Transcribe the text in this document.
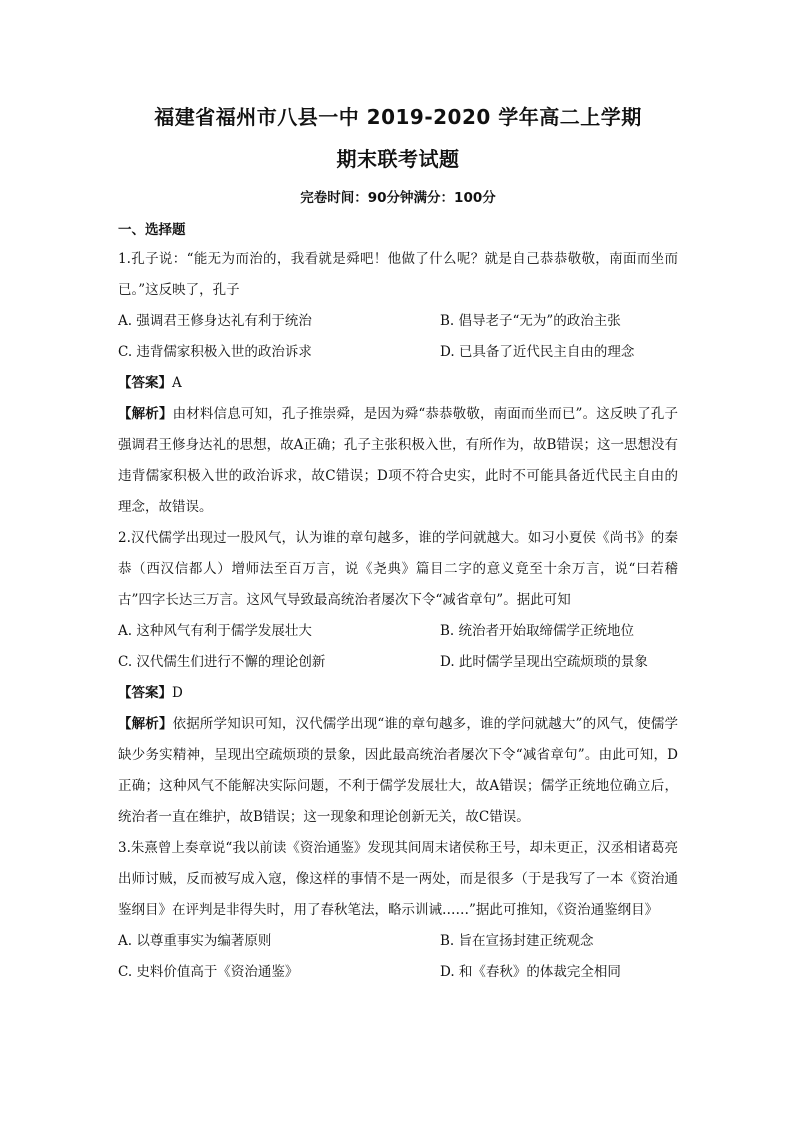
福建省福州市八县一中 2019-2020 学年高二上学期
期末联考试题
完卷时间：90分钟满分：100分
一、选择题

1.孔子说：“能无为而治的，我看就是舜吧！他做了什么呢？就是自己恭恭敬敬，南面而坐而已。”这反映了，孔子

A. 强调君王修身达礼有利于统治	B. 倡导老子“无为”的政治主张
C. 违背儒家积极入世的政治诉求	D. 已具备了近代民主自由的理念
【答案】A

【解析】由材料信息可知，孔子推崇舜，是因为舜“恭恭敬敬，南面而坐而已”。这反映了孔子强调君王修身达礼的思想，故A正确；孔子主张积极入世，有所作为，故B错误；这一思想没有违背儒家积极入世的政治诉求，故C错误；D项不符合史实，此时不可能具备近代民主自由的理念，故错误。

2.汉代儒学出现过一股风气，认为谁的章句越多，谁的学问就越大。如习小夏侯《尚书》的秦恭（西汉信都人）增师法至百万言，说《尧典》篇目二字的意义竟至十余万言，说“曰若稽古”四字长达三万言。这风气导致最高统治者屡次下令“减省章句”。据此可知

A. 这种风气有利于儒学发展壮大	B. 统治者开始取缔儒学正统地位
C. 汉代儒生们进行不懈的理论创新	D. 此时儒学呈现出空疏烦琐的景象
【答案】D

【解析】依据所学知识可知，汉代儒学出现“谁的章句越多，谁的学问就越大”的风气，使儒学缺少务实精神，呈现出空疏烦琐的景象，因此最高统治者屡次下令“减省章句”。由此可知，D正确；这种风气不能解决实际问题，不利于儒学发展壮大，故A错误；儒学正统地位确立后，统治者一直在维护，故B错误；这一现象和理论创新无关，故C错误。

3.朱熹曾上奏章说“我以前读《资治通鉴》发现其间周末诸侯称王号，却未更正，汉丞相诸葛亮出师讨贼，反而被写成入寇，像这样的事情不是一两处，而是很多（于是我写了一本《资治通鉴纲目》在评判是非得失时，用了春秋笔法，略示训诫……”据此可推知，《资治通鉴纲目》

A. 以尊重事实为编著原则	B. 旨在宣扬封建正统观念
C. 史料价值高于《资治通鉴》	D. 和《春秋》的体裁完全相同
